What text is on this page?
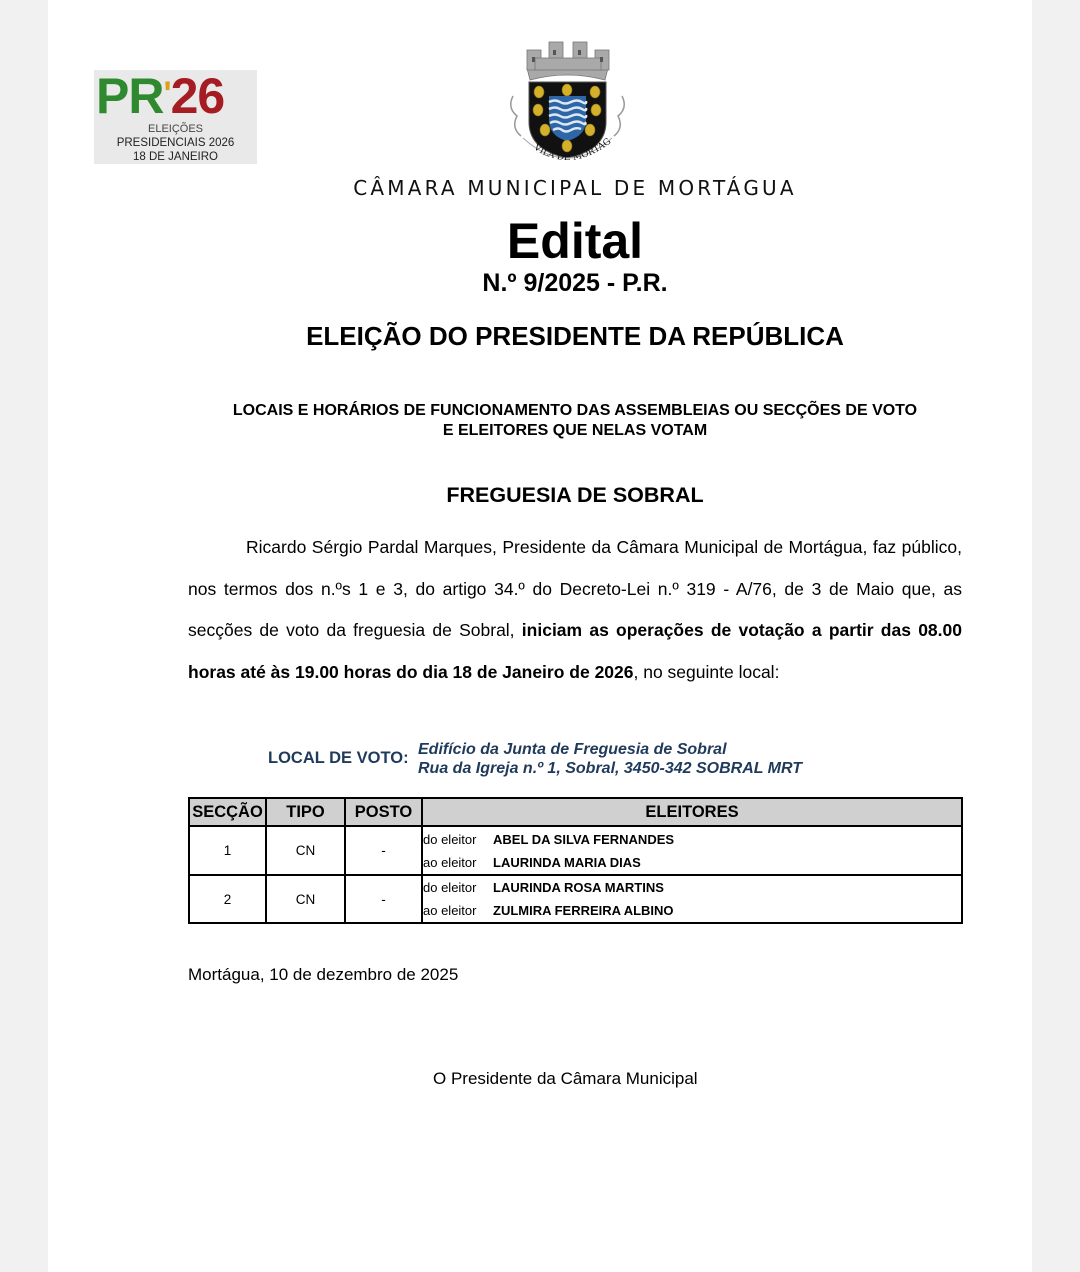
PR'26
ELEIÇÕES
PRESIDENCIAIS 2026
18 DE JANEIRO
VILA DE MORTÁG
CÂMARA MUNICIPAL DE MORTÁGUA
Edital
N.º 9/2025 - P.R.
ELEIÇÃO DO PRESIDENTE DA REPÚBLICA
LOCAIS E HORÁRIOS DE FUNCIONAMENTO DAS ASSEMBLEIAS OU SECÇÕES DE VOTO
E ELEITORES QUE NELAS VOTAM
FREGUESIA DE SOBRAL
Ricardo Sérgio Pardal Marques, Presidente da Câmara Municipal de Mortágua, faz público, nos termos dos n.ºs 1 e 3, do artigo 34.º do Decreto-Lei n.º 319 - A/76, de 3 de Maio que, as secções de voto da freguesia de Sobral, iniciam as operações de votação a partir das 08.00 horas até às 19.00 horas do dia 18 de Janeiro de 2026, no seguinte local:
LOCAL DE VOTO: Edifício da Junta de Freguesia de Sobral
Rua da Igreja n.º 1, Sobral, 3450-342 SOBRAL MRT
SECÇÃO	TIPO	POSTO	ELEITORES
1	CN	-	do eleitor ABEL DA SILVA FERNANDES
ao eleitor LAURINDA MARIA DIAS

2	CN	-	do eleitor LAURINDA ROSA MARTINS
ao eleitor ZULMIRA FERREIRA ALBINO
Mortágua, 10 de dezembro de 2025
O Presidente da Câmara Municipal
